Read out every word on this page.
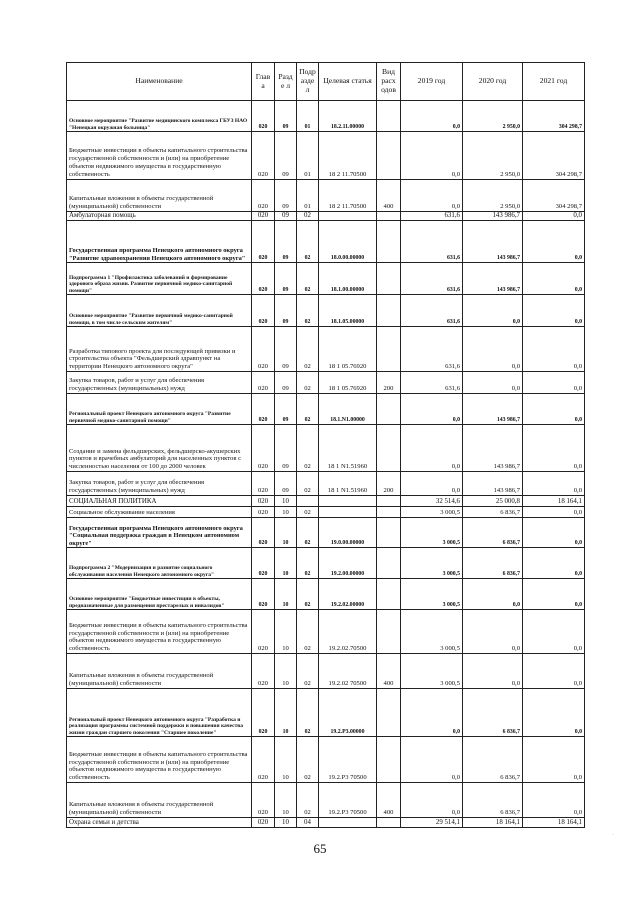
Наименование	Глав а	Разде л	Подр аздел	Целевая статья	Вид расх одов	2019 год	2020 год	2021 год
Основное мероприятие "Развитие медицинского комплекса ГБУЗ НАО "Ненецкая окружная больница"	020	09	01	18.2.11.00000		0,0	2 950,0	304 298,7
Бюджетные инвестиции в объекты капитального строительства государственной собственности и (или) на приобретение объектов недвижимого имущества в государственную собственность	020	09	01	18 2 11.70500		0,0	2 950,0	304 298,7
Капитальные вложения в объекты государственной (муниципальной) собственности	020	09	01	18 2 11.70500	400	0,0	2 950,0	304 298,7
Амбулаторная помощь	020	09	02			631,6	143 986,7	0,0
Государственная программа Ненецкого автономного округа "Развитие здравоохранения Ненецкого автономного округа"	020	09	02	18.0.00.00000		631,6	143 986,7	0,0
Подпрограмма 1 "Профилактика заболеваний и формирование здорового образа жизни. Развитие первичной медико-санитарной помощи"	020	09	02	18.1.00.00000		631,6	143 986,7	0,0
Основное мероприятие "Развитие первичной медико-санитарной помощи, в том числе сельским жителям"	020	09	02	18.1.05.00000		631,6	0,0	0,0
Разработка типового проекта для последующей привязки и строительства объекта "Фельдшерский здравпункт на территории Ненецкого автономного округа"	020	09	02	18 1 05.76920		631,6	0,0	0,0
Закупка товаров, работ и услуг для обеспечения государственных (муниципальных) нужд	020	09	02	18 1 05.76920	200	631,6	0,0	0,0
Региональный проект Ненецкого автономного округа "Развитие первичной медико-санитарной помощи"	020	09	02	18.1.N1.00000		0,0	143 986,7	0,0
Создание и замена фельдшерских, фельдшерско-акушерских пунктов и врачебных амбулаторий для населенных пунктов с численностью населения от 100 до 2000 человек	020	09	02	18 1 N1.51960		0,0	143 986,7	0,0
Закупка товаров, работ и услуг для обеспечения государственных (муниципальных) нужд	020	09	02	18 1 N1.51960	200	0,0	143 986,7	0,0
СОЦИАЛЬНАЯ ПОЛИТИКА	020	10				32 514,6	25 000,8	18 164,1
Социальное обслуживание населения	020	10	02			3 000,5	6 836,7	0,0
Государственная программа Ненецкого автономного округа "Социальная поддержка граждан в Ненецком автономном округе"	020	10	02	19.0.00.00000		3 000,5	6 836,7	0,0
Подпрограмма 2 "Модернизация и развитие социального обслуживания населения Ненецкого автономного округа"	020	10	02	19.2.00.00000		3 000,5	6 836,7	0,0
Основное мероприятие "Бюджетные инвестиции в объекты, предназначенные для размещения престарелых и инвалидов"	020	10	02	19.2.02.00000		3 000,5	0,0	0,0
Бюджетные инвестиции в объекты капитального строительства государственной собственности и (или) на приобретение объектов недвижимого имущества в государственную собственность	020	10	02	19.2.02.70500		3 000,5	0,0	0,0
Капитальные вложения в объекты государственной (муниципальной) собственности	020	10	02	19.2.02 70500	400	3 000,5	0,0	0,0
Региональный проект Ненецкого автономного округа "Разработка и реализация программы системной поддержки и повышения качества жизни граждан старшего поколения "Старшее поколение"	020	10	02	19.2.P3.00000		0,0	6 836,7	0,0
Бюджетные инвестиции в объекты капитального строительства государственной собственности и (или) на приобретение объектов недвижимого имущества в государственную собственность	020	10	02	19.2.P3 70500		0,0	6 836,7	0,0
Капитальные вложения в объекты государственной (муниципальной) собственности	020	10	02	19.2.P3 70500	400	0,0	6 836,7	0,0
Охрана семьи и детства	020	10	04			29 514,1	18 164,1	18 164,1
65
·
